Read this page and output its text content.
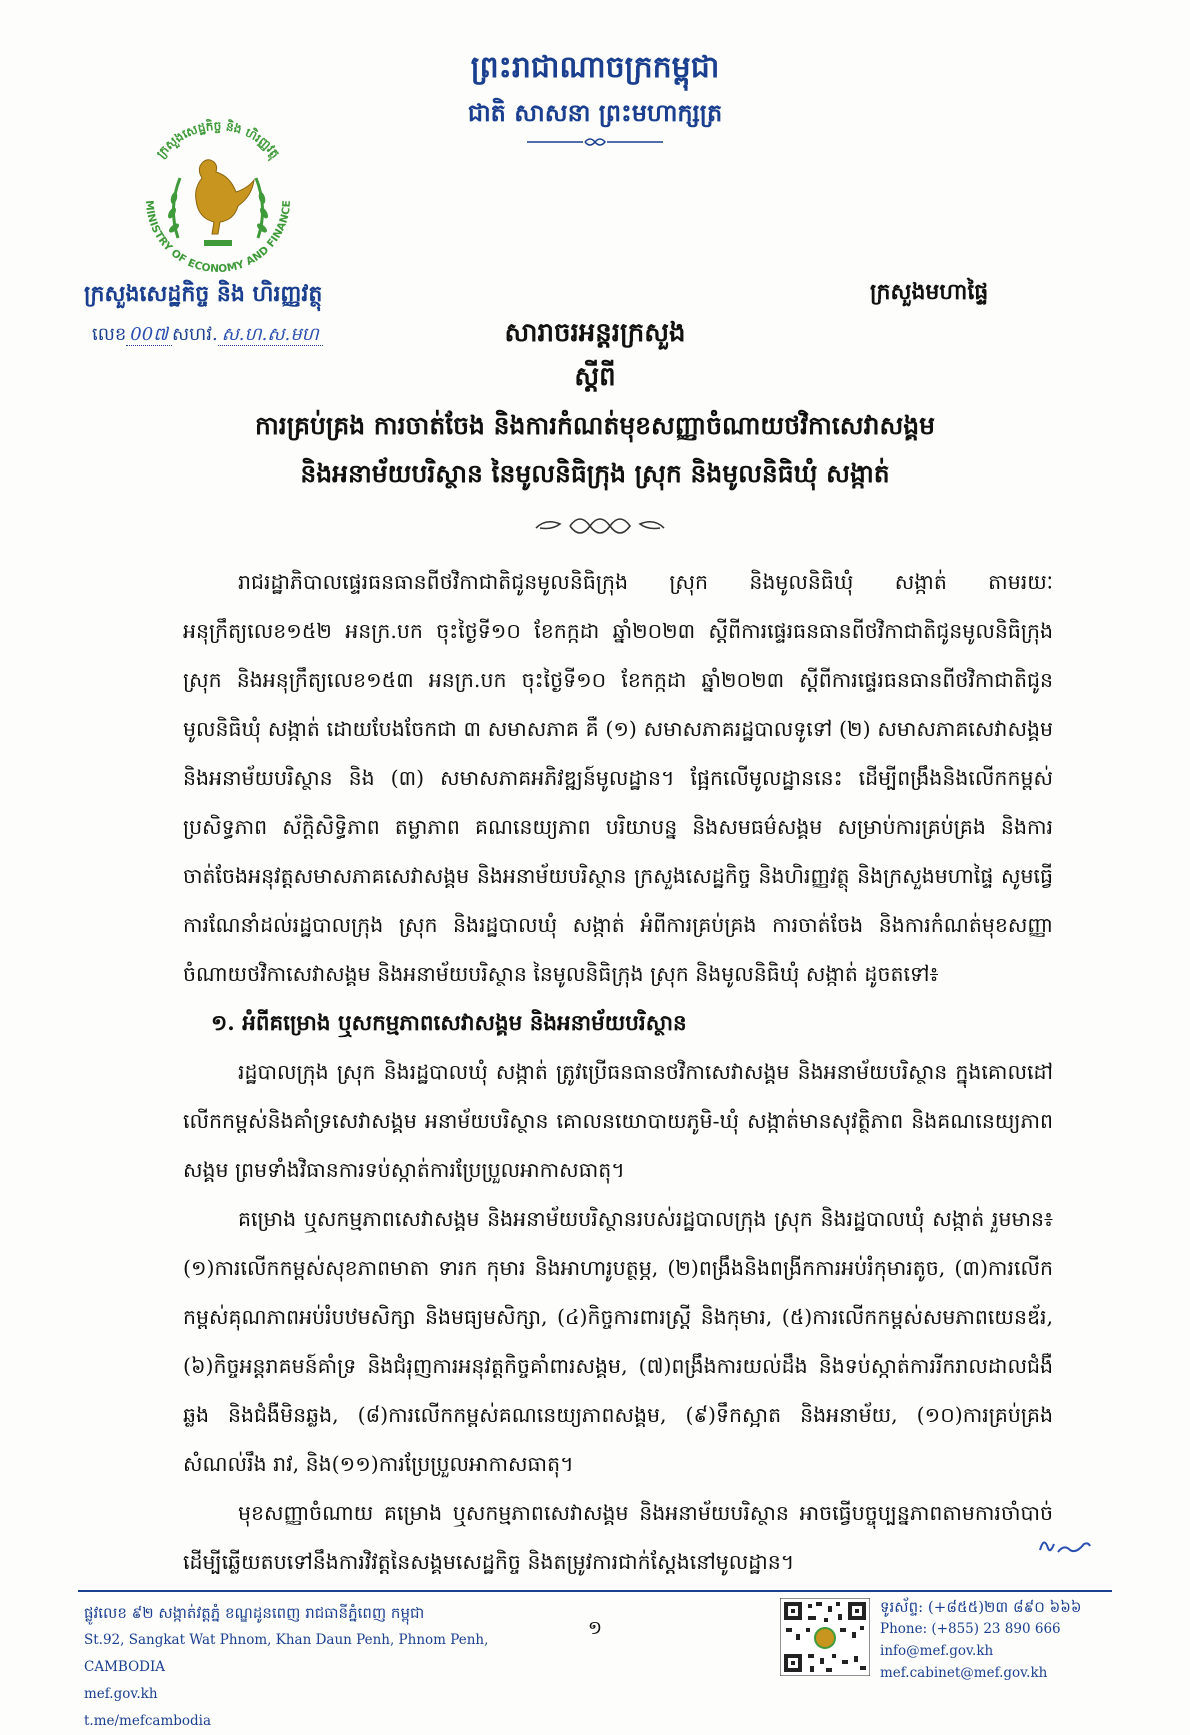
ព្រះរាជាណាចក្រកម្ពុជា
ជាតិ សាសនា ព្រះមហាក្សត្រ
ក្រសួងសេដ្ឋកិច្ច និង ហិរញ្ញវត្ថុ
MINISTRY OF ECONOMY AND FINANCE
ក្រសួងសេដ្ឋកិច្ច និង ហិរញ្ញវត្ថុ	ក្រសួងមហាផ្ទៃ
លេខ 00៧ សហវ. ស.ហ.ស.មហ	សារាចរអន្តរក្រសួង
ស្ដីពី
ការគ្រប់គ្រង ការចាត់ចែង និងការកំណត់មុខសញ្ញាចំណាយថវិកាសេវាសង្គម
និងអនាម័យបរិស្ថាន នៃមូលនិធិក្រុង ស្រុក និងមូលនិធិឃុំ សង្កាត់

រាជរដ្ឋាភិបាលផ្ទេរធនធានពីថវិកាជាតិជូនមូលនិធិក្រុង ស្រុក និងមូលនិធិឃុំ សង្កាត់ តាមរយៈ អនុក្រឹត្យលេខ១៥២ អនក្រ.បក ចុះថ្ងៃទី១០ ខែកក្កដា ឆ្នាំ២០២៣ ស្ដីពីការផ្ទេរធនធានពីថវិកាជាតិជូនមូលនិធិក្រុង ស្រុក និងអនុក្រឹត្យលេខ១៥៣ អនក្រ.បក ចុះថ្ងៃទី១០ ខែកក្កដា ឆ្នាំ២០២៣ ស្ដីពីការផ្ទេរធនធានពីថវិកាជាតិជូនមូលនិធិឃុំ សង្កាត់ ដោយបែងចែកជា ៣ សមាសភាគ គឺ (១) សមាសភាគរដ្ឋបាលទូទៅ (២) សមាសភាគសេវាសង្គម និងអនាម័យបរិស្ថាន និង (៣) សមាសភាគអភិវឌ្ឍន៍មូលដ្ឋាន។ ផ្អែកលើមូលដ្ឋាននេះ ដើម្បីពង្រឹងនិងលើកកម្ពស់ប្រសិទ្ធភាព ស័ក្តិសិទ្ធិភាព តម្លាភាព គណនេយ្យភាព បរិយាបន្ន និងសមធម៌សង្គម សម្រាប់ការគ្រប់គ្រង និងការចាត់ចែងអនុវត្តសមាសភាគសេវាសង្គម និងអនាម័យបរិស្ថាន ក្រសួងសេដ្ឋកិច្ច និងហិរញ្ញវត្ថុ និងក្រសួងមហាផ្ទៃ សូមធ្វើការណែនាំដល់រដ្ឋបាលក្រុង ស្រុក និងរដ្ឋបាលឃុំ សង្កាត់ អំពីការគ្រប់គ្រង ការចាត់ចែង និងការកំណត់មុខសញ្ញាចំណាយថវិកាសេវាសង្គម និងអនាម័យបរិស្ថាន នៃមូលនិធិក្រុង ស្រុក និងមូលនិធិឃុំ សង្កាត់ ដូចតទៅ៖

១. អំពីគម្រោង ឬសកម្មភាពសេវាសង្គម និងអនាម័យបរិស្ថាន

រដ្ឋបាលក្រុង ស្រុក និងរដ្ឋបាលឃុំ សង្កាត់ ត្រូវប្រើធនធានថវិកាសេវាសង្គម និងអនាម័យបរិស្ថាន ក្នុងគោលដៅលើកកម្ពស់និងគាំទ្រសេវាសង្គម អនាម័យបរិស្ថាន គោលនយោបាយភូមិ-ឃុំ សង្កាត់មានសុវត្ថិភាព និងគណនេយ្យភាពសង្គម ព្រមទាំងវិធានការទប់ស្កាត់ការប្រែប្រួលអាកាសធាតុ។

គម្រោង ឬសកម្មភាពសេវាសង្គម និងអនាម័យបរិស្ថានរបស់រដ្ឋបាលក្រុង ស្រុក និងរដ្ឋបាលឃុំ សង្កាត់ រួមមាន៖ (១)ការលើកកម្ពស់សុខភាពមាតា ទារក កុមារ និងអាហារូបត្ថម្ភ, (២)ពង្រឹងនិងពង្រីកការអប់រំកុមារតូច, (៣)ការលើកកម្ពស់គុណភាពអប់រំបឋមសិក្សា និងមធ្យមសិក្សា, (៤)កិច្ចការពារស្ត្រី និងកុមារ, (៥)ការលើកកម្ពស់សមភាពយេនឌ័រ, (៦)កិច្ចអន្តរាគមន៍គាំទ្រ និងជំរុញការអនុវត្តកិច្ចគាំពារសង្គម, (៧)ពង្រឹងការយល់ដឹង និងទប់ស្កាត់ការរីករាលដាលជំងឺឆ្លង និងជំងឺមិនឆ្លង, (៨)ការលើកកម្ពស់គណនេយ្យភាពសង្គម, (៩)ទឹកស្អាត និងអនាម័យ, (១០)ការគ្រប់គ្រងសំណល់រឹង រាវ, និង(១១)ការប្រែប្រួលអាកាសធាតុ។

មុខសញ្ញាចំណាយ គម្រោង ឬសកម្មភាពសេវាសង្គម និងអនាម័យបរិស្ថាន អាចធ្វើបច្ចុប្បន្នភាពតាមការចាំបាច់ ដើម្បីឆ្លើយតបទៅនឹងការវិវត្តនៃសង្គមសេដ្ឋកិច្ច និងតម្រូវការជាក់ស្ដែងនៅមូលដ្ឋាន។

ផ្លូវលេខ ៩២ សង្កាត់វត្តភ្នំ ខណ្ឌដូនពេញ រាជធានីភ្នំពេញ កម្ពុជា
St.92, Sangkat Wat Phnom, Khan Daun Penh, Phnom Penh, CAMBODIA
mef.gov.kh
t.me/mefcambodia
១
ទូរស័ព្ទ: (+៨៥៥)២៣ ៨៩០ ៦៦៦
Phone: (+855) 23 890 666
info@mef.gov.kh
mef.cabinet@mef.gov.kh
